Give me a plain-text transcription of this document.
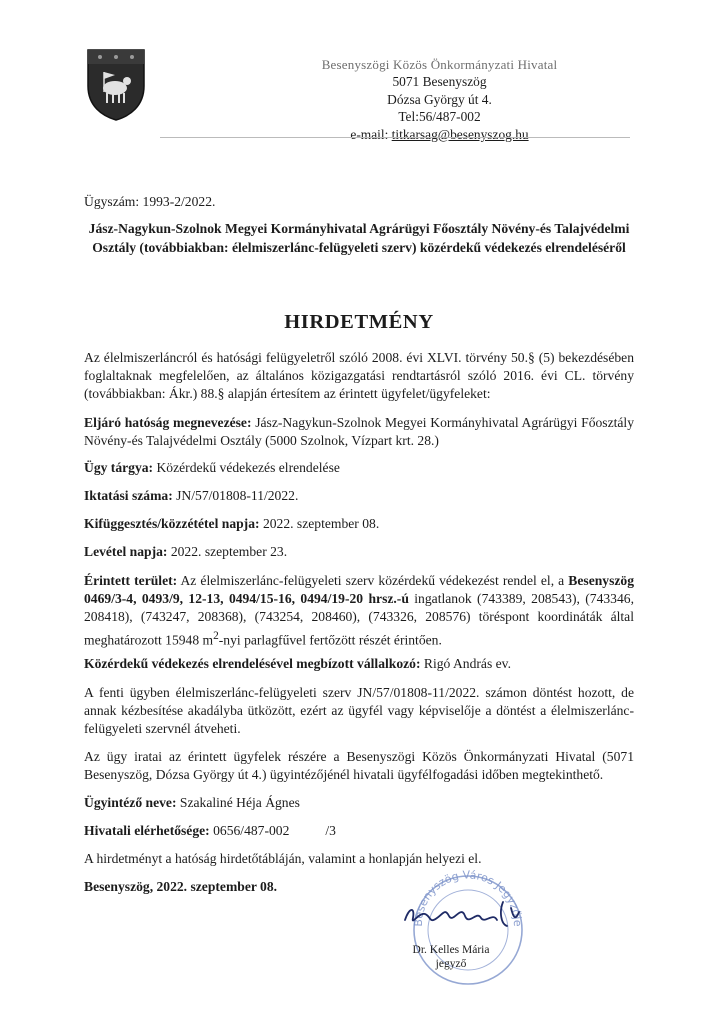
Besenyszögi Közös Önkormányzati Hivatal
5071 Besenyszög
Dózsa György út 4.
Tel:56/487-002
e-mail: titkarsag@besenyszog.hu
Ügyszám: 1993-2/2022.
Jász-Nagykun-Szolnok Megyei Kormányhivatal Agrárügyi Főosztály Növény-és Talajvédelmi Osztály (továbbiakban: élelmiszerlánc-felügyeleti szerv) közérdekű védekezés elrendeléséről
HIRDETMÉNY
Az élelmiszerláncról és hatósági felügyeletről szóló 2008. évi XLVI. törvény 50.§ (5) bekezdésében foglaltaknak megfelelően, az általános közigazgatási rendtartásról szóló 2016. évi CL. törvény (továbbiakban: Ákr.) 88.§ alapján értesítem az érintett ügyfelet/ügyfeleket:
Eljáró hatóság megnevezése: Jász-Nagykun-Szolnok Megyei Kormányhivatal Agrárügyi Főosztály Növény-és Talajvédelmi Osztály (5000 Szolnok, Vízpart krt. 28.)
Ügy tárgya: Közérdekű védekezés elrendelése
Iktatási száma: JN/57/01808-11/2022.
Kifüggesztés/közzététel napja: 2022. szeptember 08.
Levétel napja: 2022. szeptember 23.
Érintett terület: Az élelmiszerlánc-felügyeleti szerv közérdekű védekezést rendel el, a Besenyszög 0469/3-4, 0493/9, 12-13, 0494/15-16, 0494/19-20 hrsz.-ú ingatlanok (743389, 208543), (743346, 208418), (743247, 208368), (743254, 208460), (743326, 208576) töréspont koordináták által meghatározott 15948 $m^2$-nyi parlagfűvel fertőzött részét érintően.
Közérdekű védekezés elrendelésével megbízott vállalkozó: Rigó András ev.
A fenti ügyben élelmiszerlánc-felügyeleti szerv JN/57/01808-11/2022. számon döntést hozott, de annak kézbesítése akadályba ütközött, ezért az ügyfél vagy képviselője a döntést a élelmiszerlánc-felügyeleti szervnél átveheti.
Az ügy iratai az érintett ügyfelek részére a Besenyszögi Közös Önkormányzati Hivatal (5071 Besenyszög, Dózsa György út 4.) ügyintézőjénél hivatali ügyfélfogadási időben megtekinthető.
Ügyintéző neve: Szakaliné Héja Ágnes
Hivatali elérhetősége: 0656/487-002	/3
A hirdetményt a hatóság hirdetőtábláján, valamint a honlapján helyezi el.
Besenyszög, 2022. szeptember 08.
Besenyszög Város Jegyzője
Dr. Kelles Mária
jegyző
